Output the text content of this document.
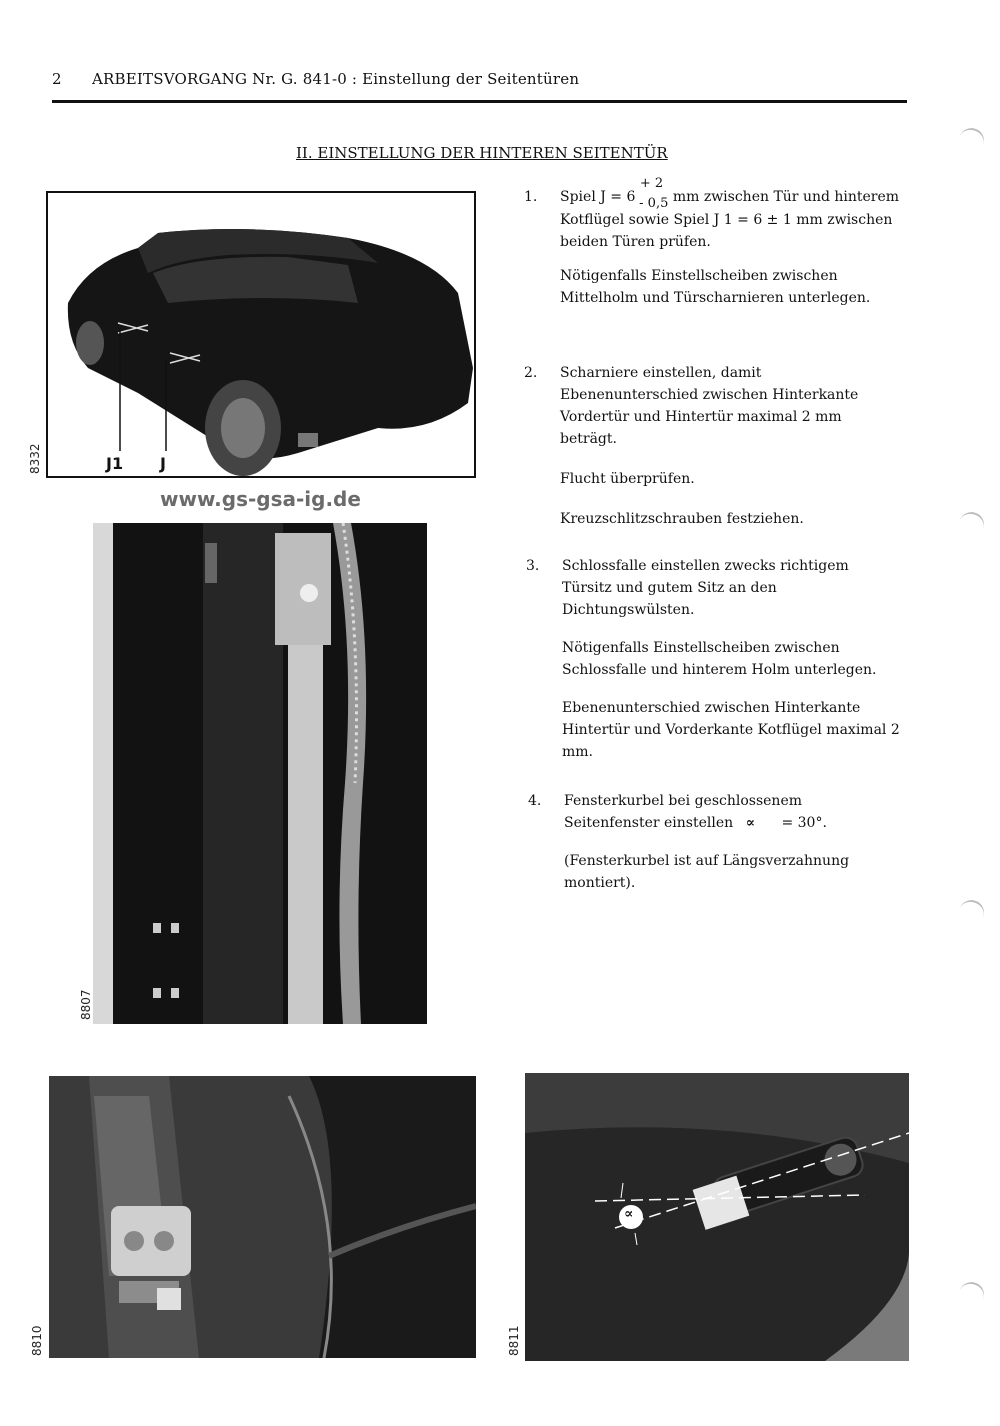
2 ARBEITSVORGANG Nr. G. 841-0 : Einstellung der Seitentüren
II. EINSTELLUNG DER HINTEREN SEITENTÜR
J1 J
8332
www.gs-gsa-ig.de
8807
8810
∝
8811
1. Spiel J = 6 + 2- 0,5 mm zwischen Tür und hinterem
Kotflügel sowie Spiel J 1 = 6 ± 1 mm zwischen
beiden Türen prüfen.
Nötigenfalls Einstellscheiben zwischen Mittelholm und Türscharnieren unterlegen.
2. Scharniere einstellen, damit Ebenenunterschied zwischen Hinterkante Vordertür und Hintertür maximal 2 mm beträgt.
Flucht überprüfen.
Kreuzschlitzschrauben festziehen.
3. Schlossfalle einstellen zwecks richtigem Türsitz und gutem Sitz an den Dichtungswülsten.
Nötigenfalls Einstellscheiben zwischen Schlossfalle und hinterem Holm unterlegen.
Ebenenunterschied zwischen Hinterkante Hintertür und Vorderkante Kotflügel maximal 2 mm.
4. Fensterkurbel bei geschlossenem Seitenfenster einstellen ∝ = 30°.
(Fensterkurbel ist auf Längsverzahnung montiert).
